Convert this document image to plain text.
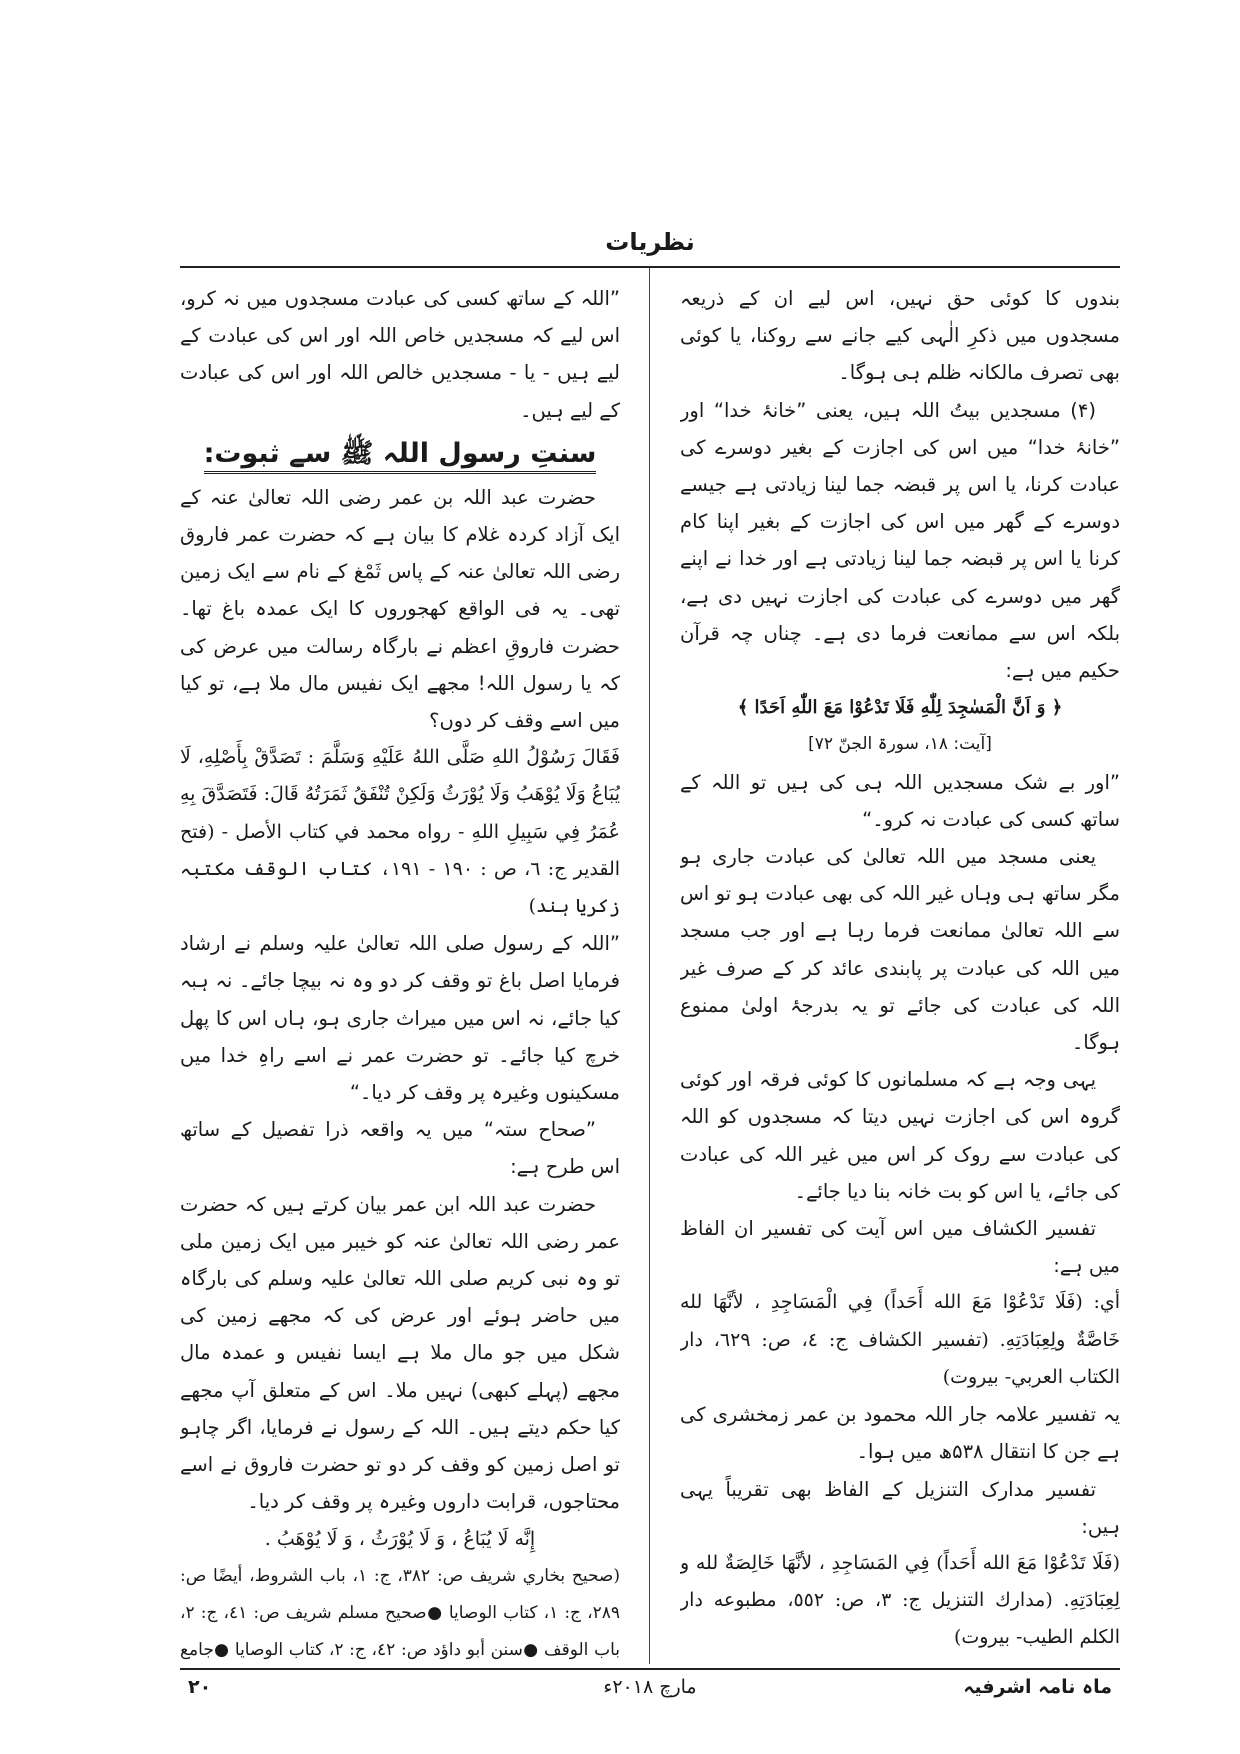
نظریات

بندوں کا کوئی حق نہیں، اس لیے ان کے ذریعہ مسجدوں میں ذکرِ الٰہی کیے جانے سے روکنا، یا کوئی بھی تصرف مالکانہ ظلم ہی ہوگا۔

(۴) مسجدیں بیتُ اللہ ہیں، یعنی ”خانۂ خدا“ اور ”خانۂ خدا“ میں اس کی اجازت کے بغیر دوسرے کی عبادت کرنا، یا اس پر قبضہ جما لینا زیادتی ہے جیسے دوسرے کے گھر میں اس کی اجازت کے بغیر اپنا کام کرنا یا اس پر قبضہ جما لینا زیادتی ہے اور خدا نے اپنے گھر میں دوسرے کی عبادت کی اجازت نہیں دی ہے، بلکہ اس سے ممانعت فرما دی ہے۔ چناں چہ قرآن حکیم میں ہے:

﴿ وَ اَنَّ الْمَسٰجِدَ لِلّٰهِ فَلَا تَدْعُوْا مَعَ اللّٰهِ اَحَدًا ﴾

[آیت: ۱۸، سورۃ الجنّ ۷۲]

”اور بے شک مسجدیں اللہ ہی کی ہیں تو اللہ کے ساتھ کسی کی عبادت نہ کرو۔“

یعنی مسجد میں اللہ تعالیٰ کی عبادت جاری ہو مگر ساتھ ہی وہاں غیر اللہ کی بھی عبادت ہو تو اس سے اللہ تعالیٰ ممانعت فرما رہا ہے اور جب مسجد میں اللہ کی عبادت پر پابندی عائد کر کے صرف غیر اللہ کی عبادت کی جائے تو یہ بدرجۂ اولیٰ ممنوع ہوگا۔

یہی وجہ ہے کہ مسلمانوں کا کوئی فرقہ اور کوئی گروہ اس کی اجازت نہیں دیتا کہ مسجدوں کو اللہ کی عبادت سے روک کر اس میں غیر اللہ کی عبادت کی جائے، یا اس کو بت خانہ بنا دیا جائے۔

تفسیر الکشاف میں اس آیت کی تفسیر ان الفاظ میں ہے:

أي: (فَلَا تَدْعُوْا مَعَ الله أَحَداً) فِي الْمَسَاجِدِ ، لأنَّهَا لله خَاصَّةٌ ولِعِبَادَتِهِ. (تفسير الكشاف ج: ٤، ص: ٦٢٩، دار الكتاب العربي- بيروت)

یہ تفسیر علامہ جار اللہ محمود بن عمر زمخشری کی ہے جن کا انتقال ۵۳۸ھ میں ہوا۔

تفسیر مدارک التنزیل کے الفاظ بھی تقریباً یہی ہیں:

(فَلَا تَدْعُوْا مَعَ الله أَحَداً) فِي المَسَاجِدِ ، لأنَّهَا خَالِصَةٌ لله و لِعِبَادَتِهِ. (مدارك التنزيل ج: ٣، ص: ٥٥٢، مطبوعه دار الكلم الطيب- بيروت)

”اللہ کے ساتھ کسی کی عبادت مسجدوں میں نہ کرو، اس لیے کہ مسجدیں خاص اللہ اور اس کی عبادت کے لیے ہیں - یا - مسجدیں خالص اللہ اور اس کی عبادت کے لیے ہیں۔

سنتِ رسول اللہ ﷺ سے ثبوت:

حضرت عبد اللہ بن عمر رضی اللہ تعالیٰ عنہ کے ایک آزاد کردہ غلام کا بیان ہے کہ حضرت عمر فاروق رضی اللہ تعالیٰ عنہ کے پاس ثَمْغ کے نام سے ایک زمین تھی۔ یہ فی الواقع کھجوروں کا ایک عمدہ باغ تھا۔ حضرت فاروقِ اعظم نے بارگاہ رسالت میں عرض کی کہ یا رسول اللہ! مجھے ایک نفیس مال ملا ہے، تو کیا میں اسے وقف کر دوں؟

فَقَالَ رَسُوْلُ اللهِ صَلَّى اللهُ عَلَيْهِ وَسَلَّمَ : تَصَدَّقْ بِأَصْلِهِ، لَا يُبَاعُ وَلَا يُوْهَبُ وَلَا يُوْرَثُ وَلَكِنْ تُنْفَقُ ثَمَرَتُهُ قَالَ: فَتَصَدَّقَ بِهِ عُمَرُ فِي سَبِيلِ اللهِ - رواه محمد في كتاب الأصل - (فتح القدير ج: ٦، ص : ١٩٠ - ١٩١، کتاب الوقف مکتبہ زکریا ہند)

”اللہ کے رسول صلی اللہ تعالیٰ علیہ وسلم نے ارشاد فرمایا اصل باغ تو وقف کر دو وہ نہ بیچا جائے۔ نہ ہبہ کیا جائے، نہ اس میں میراث جاری ہو، ہاں اس کا پھل خرچ کیا جائے۔ تو حضرت عمر نے اسے راہِ خدا میں مسکینوں وغیرہ پر وقف کر دیا۔“

”صحاح ستہ“ میں یہ واقعہ ذرا تفصیل کے ساتھ اس طرح ہے:

حضرت عبد اللہ ابن عمر بیان کرتے ہیں کہ حضرت عمر رضی اللہ تعالیٰ عنہ کو خیبر میں ایک زمین ملی تو وہ نبی کریم صلی اللہ تعالیٰ علیہ وسلم کی بارگاہ میں حاضر ہوئے اور عرض کی کہ مجھے زمین کی شکل میں جو مال ملا ہے ایسا نفیس و عمدہ مال مجھے (پہلے کبھی) نہیں ملا۔ اس کے متعلق آپ مجھے کیا حکم دیتے ہیں۔ اللہ کے رسول نے فرمایا، اگر چاہو تو اصل زمین کو وقف کر دو تو حضرت فاروق نے اسے محتاجوں، قرابت داروں وغیرہ پر وقف کر دیا۔

إِنَّه لَا يُبَاعُ ، وَ لَا يُوْرَثُ ، وَ لَا يُوْهَبُ .

(صحيح بخاري شريف ص: ٣٨٢، ج: ١، باب الشروط، أيضًا ص: ٢٨٩، ج: ١، كتاب الوصايا ●صحيح مسلم شريف ص: ٤١، ج: ٢، باب الوقف ●سنن أبو داؤد ص: ٤٢، ج: ٢، كتاب الوصايا ●جامع

۲۰	مارچ ۲۰۱۸ء	ماہ نامہ اشرفیہ
